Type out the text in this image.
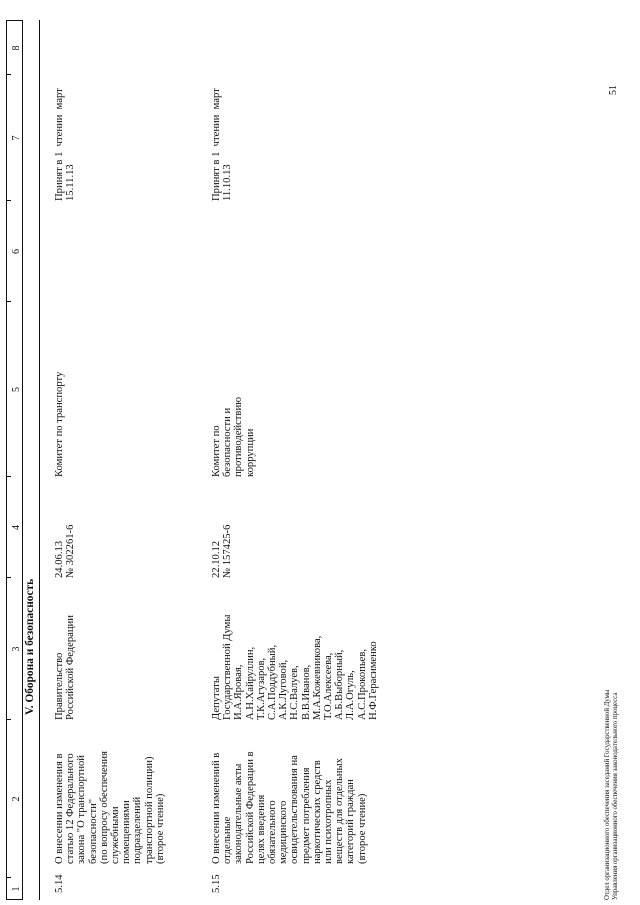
1
2
3
4
5
6
7
8
V. Оборона и безопасность
5.14
О внесении изменения в
статью 12 Федерального
закона "О транспортной
безопасности"
(по вопросу обеспечения
служебными
помещениями
подразделений
транспортной полиции)
(второе чтение)
Правительство
Российской Федерации
24.06.13
№ 302261-6
Комитет по транспорту
Принят в 1  чтении  март
15.11.13
5.15
О внесении изменений в
отдельные
законодательные акты
Российской Федерации в
целях введения
обязательного
медицинского
освидетельствования на
предмет потребления
наркотических средств
или психотропных
веществ для отдельных
категорий граждан
(второе чтение)
Депутаты
Государственной Думы
И.А.Яровая,
А.Н.Хайруллин,
Т.К.Агузаров,
С.А.Поддубный,
А.К.Луговой,
Н.С.Валуев,
В.В.Иванов,
М.А.Кожевникова,
Т.О.Алексеева,
А.Б.Выборный,
Л.А.Огуль,
А.С.Прокопьев,
Н.Ф.Герасименко
22.10.12
№ 157425-6
Комитет по
безопасности и
противодействию
коррупции
Принят в 1  чтении  март
11.10.13
Отдел организационного обеспечения заседаний Государственной Думы Управления организационного обеспечения законодательного процесса
51
